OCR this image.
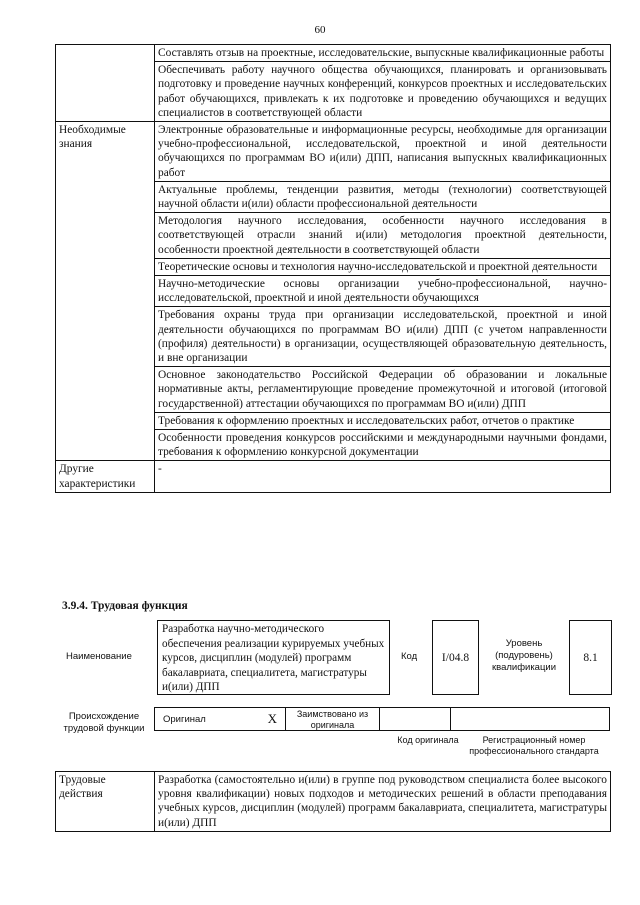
60
	Составлять отзыв на проектные, исследовательские, выпускные квалификационные работы
	Обеспечивать работу научного общества обучающихся, планировать и организовывать подготовку и проведение научных конференций, конкурсов проектных и исследовательских работ обучающихся, привлекать к их подготовке и проведению обучающихся и ведущих специалистов в соответствующей области
Необходимые знания	Электронные образовательные и информационные ресурсы, необходимые для организации учебно-профессиональной, исследовательской, проектной и иной деятельности обучающихся по программам ВО и(или) ДПП, написания выпускных квалификационных работ
	Актуальные проблемы, тенденции развития, методы (технологии) соответствующей научной области и(или) области профессиональной деятельности
	Методология научного исследования, особенности научного исследования в соответствующей отрасли знаний и(или) методология проектной деятельности, особенности проектной деятельности в соответствующей области
	Теоретические основы и технология научно-исследовательской и проектной деятельности
	Научно-методические основы организации учебно-профессиональной, научно-исследовательской, проектной и иной деятельности обучающихся
	Требования охраны труда при организации исследовательской, проектной и иной деятельности обучающихся по программам ВО и(или) ДПП (с учетом направленности (профиля) деятельности) в организации, осуществляющей образовательную деятельность, и вне организации
	Основное законодательство Российской Федерации об образовании и локальные нормативные акты, регламентирующие проведение промежуточной и итоговой (итоговой государственной) аттестации обучающихся по программам ВО и(или) ДПП
	Требования к оформлению проектных и исследовательских работ, отчетов о практике
	Особенности проведения конкурсов российскими и международными научными фондами, требования к оформлению конкурсной документации
Другие характеристики	-
3.9.4. Трудовая функция
Наименование
Разработка научно-методического обеспечения реализации курируемых учебных курсов, дисциплин (модулей) программ бакалавриата, специалитета, магистратуры и(или) ДПП
Код	I/04.8
Уровень (подуровень) квалификации
8.1
Происхождение трудовой функции
Оригинал	X	Заимствовано из оригинала
Код оригинала	Регистрационный номер профессионального стандарта
Трудовые действия	Разработка (самостоятельно и(или) в группе под руководством специалиста более высокого уровня квалификации) новых подходов и методических решений в области преподавания учебных курсов, дисциплин (модулей) программ бакалавриата, специалитета, магистратуры и(или) ДПП
